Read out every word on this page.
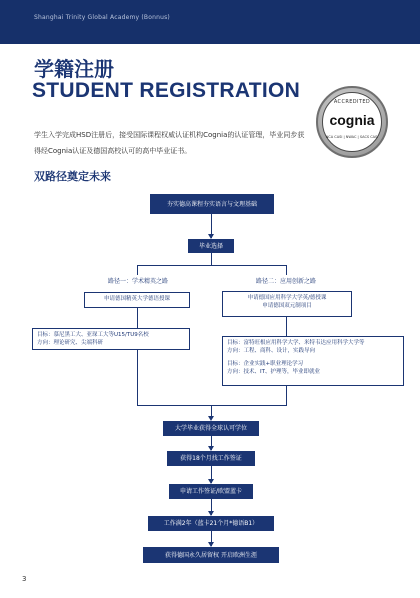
Shanghai Trinity Global Academy (Bonnus)
学籍注册
STUDENT REGISTRATION
学生入学完成HSD注册后，接受国际课程权威认证机构Cognia的认证管理，毕业同步获得经Cognia认证及德国高校认可的高中毕业证书。
ACCREDITED
cognia
NCA CASI | NWAC | SACS CASI
双路径奠定未来
夯实德高课程夯实语言与文理基础
毕业选择
路径一：学术精英之路	路径二：应用创新之路
申请德国精英大学德语授课	申请德国应用科学大学英/德授课
申请德国双元制项目
目标：慕尼黑工大、亚琛工大等U15/TU9名校
方向：理论研究、尖端科研	目标：富特旺根应用科学大学、米特韦达应用科学大学等
方向：工程、商科、设计，实践导向
目标：企业实践+职业理论学习
方向：技术、IT、护理等，毕业即就业
大学毕业获得全球认可学位
获得18个月找工作签证
申请工作签证/欧盟蓝卡
工作满2年（蓝卡21个月*德语B1）
获得德国永久居留权 开启欧洲生涯
3
